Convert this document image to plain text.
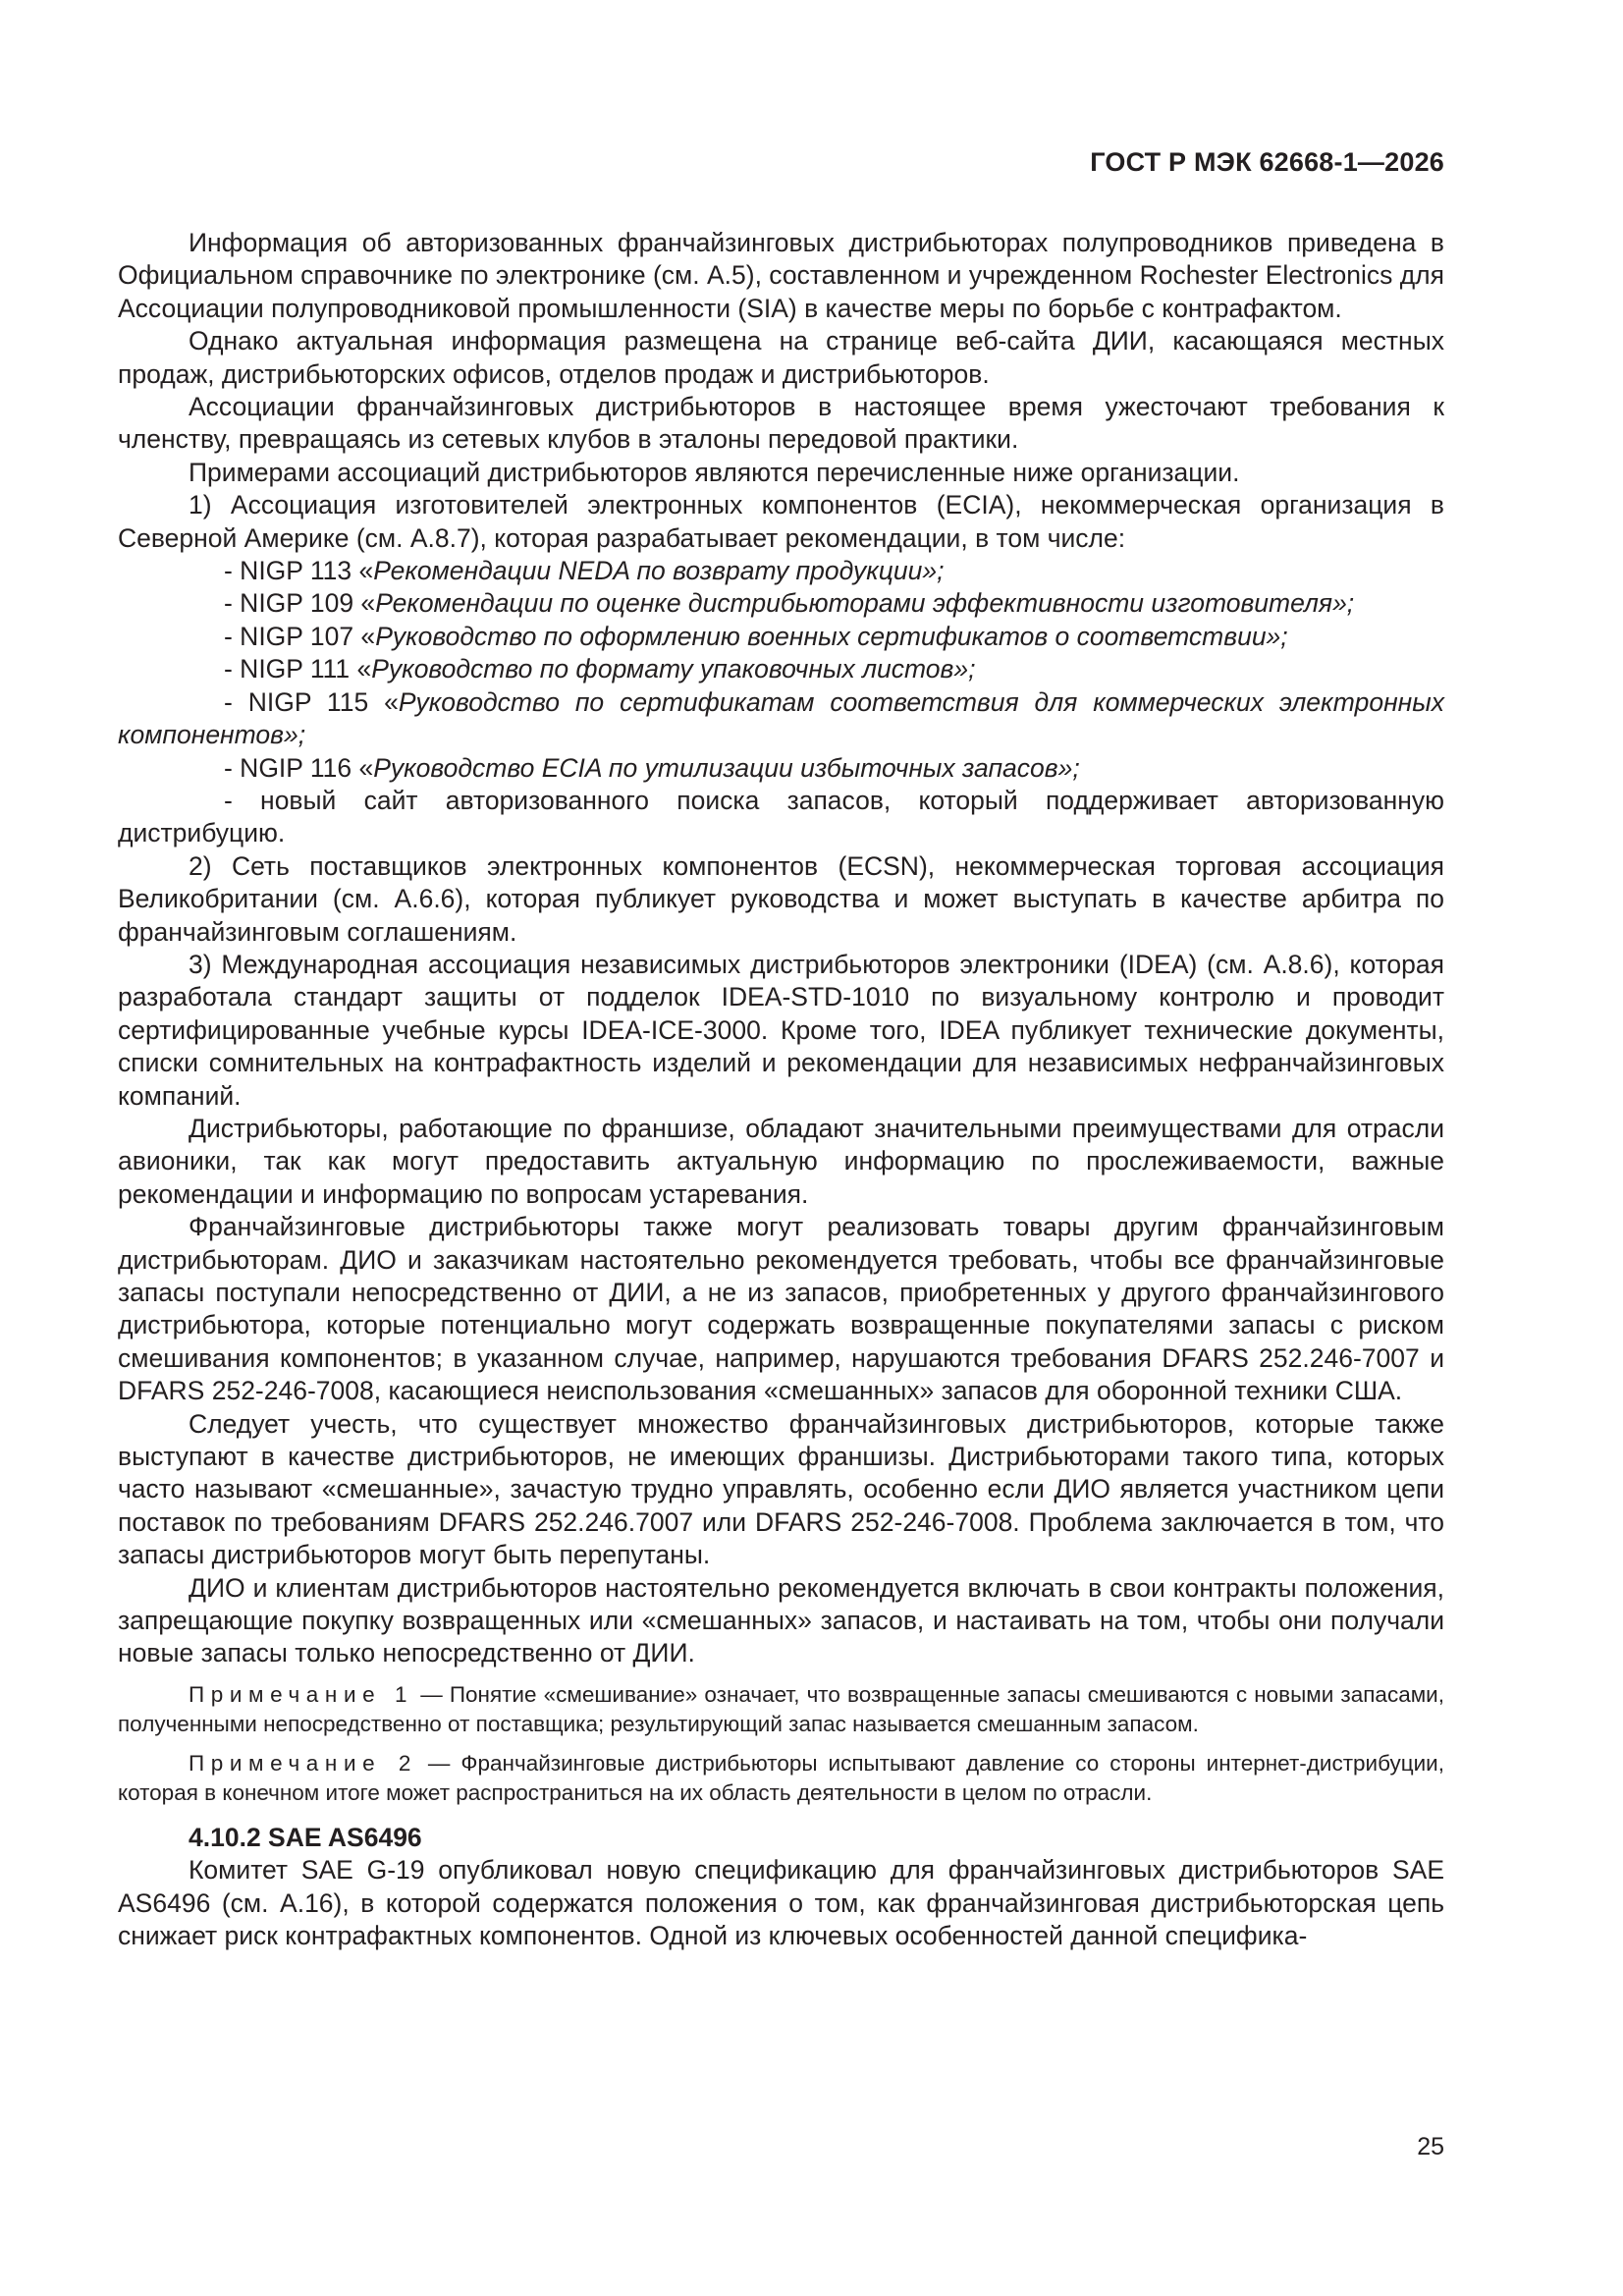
ГОСТ Р МЭК 62668-1—2026

Информация об авторизованных франчайзинговых дистрибьюторах полупроводников приведена в Официальном справочнике по электронике (см. А.5), составленном и учрежденном Rochester Electronics для Ассоциации полупроводниковой промышленности (SIA) в качестве меры по борьбе с контрафактом.

Однако актуальная информация размещена на странице веб-сайта ДИИ, касающаяся местных продаж, дистрибьюторских офисов, отделов продаж и дистрибьюторов.

Ассоциации франчайзинговых дистрибьюторов в настоящее время ужесточают требования к членству, превращаясь из сетевых клубов в эталоны передовой практики.

Примерами ассоциаций дистрибьюторов являются перечисленные ниже организации.

1) Ассоциация изготовителей электронных компонентов (ECIA), некоммерческая организация в Северной Америке (см. А.8.7), которая разрабатывает рекомендации, в том числе:

- NIGP 113 «Рекомендации NEDA по возврату продукции»;

- NIGP 109 «Рекомендации по оценке дистрибьюторами эффективности изготовителя»;

- NIGP 107 «Руководство по оформлению военных сертификатов о соответствии»;

- NIGP 111 «Руководство по формату упаковочных листов»;

- NIGP 115 «Руководство по сертификатам соответствия для коммерческих электронных компонентов»;

- NGIP 116 «Руководство ECIA по утилизации избыточных запасов»;

- новый сайт авторизованного поиска запасов, который поддерживает авторизованную дистрибуцию.

2) Сеть поставщиков электронных компонентов (ECSN), некоммерческая торговая ассоциация Великобритании (см. А.6.6), которая публикует руководства и может выступать в качестве арбитра по франчайзинговым соглашениям.

3) Международная ассоциация независимых дистрибьюторов электроники (IDEA) (см. А.8.6), которая разработала стандарт защиты от подделок IDEA-STD-1010 по визуальному контролю и проводит сертифицированные учебные курсы IDEA-ICE-3000. Кроме того, IDEA публикует технические документы, списки сомнительных на контрафактность изделий и рекомендации для независимых нефранчайзинговых компаний.

Дистрибьюторы, работающие по франшизе, обладают значительными преимуществами для отрасли авионики, так как могут предоставить актуальную информацию по прослеживаемости, важные рекомендации и информацию по вопросам устаревания.

Франчайзинговые дистрибьюторы также могут реализовать товары другим франчайзинговым дистрибьюторам. ДИО и заказчикам настоятельно рекомендуется требовать, чтобы все франчайзинговые запасы поступали непосредственно от ДИИ, а не из запасов, приобретенных у другого франчайзингового дистрибьютора, которые потенциально могут содержать возвращенные покупателями запасы с риском смешивания компонентов; в указанном случае, например, нарушаются требования DFARS 252.246-7007 и DFARS 252-246-7008, касающиеся неиспользования «смешанных» запасов для оборонной техники США.

Следует учесть, что существует множество франчайзинговых дистрибьюторов, которые также выступают в качестве дистрибьюторов, не имеющих франшизы. Дистрибьюторами такого типа, которых часто называют «смешанные», зачастую трудно управлять, особенно если ДИО является участником цепи поставок по требованиям DFARS 252.246.7007 или DFARS 252-246-7008. Проблема заключается в том, что запасы дистрибьюторов могут быть перепутаны.

ДИО и клиентам дистрибьюторов настоятельно рекомендуется включать в свои контракты положения, запрещающие покупку возвращенных или «смешанных» запасов, и настаивать на том, чтобы они получали новые запасы только непосредственно от ДИИ.

Примечание 1 — Понятие «смешивание» означает, что возвращенные запасы смешиваются с новыми запасами, полученными непосредственно от поставщика; результирующий запас называется смешанным запасом.

Примечание 2 — Франчайзинговые дистрибьюторы испытывают давление со стороны интернет-дистрибуции, которая в конечном итоге может распространиться на их область деятельности в целом по отрасли.

4.10.2 SAE AS6496

Комитет SAE G-19 опубликовал новую спецификацию для франчайзинговых дистрибьюторов SAE AS6496 (см. А.16), в которой содержатся положения о том, как франчайзинговая дистрибьюторская цепь снижает риск контрафактных компонентов. Одной из ключевых особенностей данной специфика-

25
